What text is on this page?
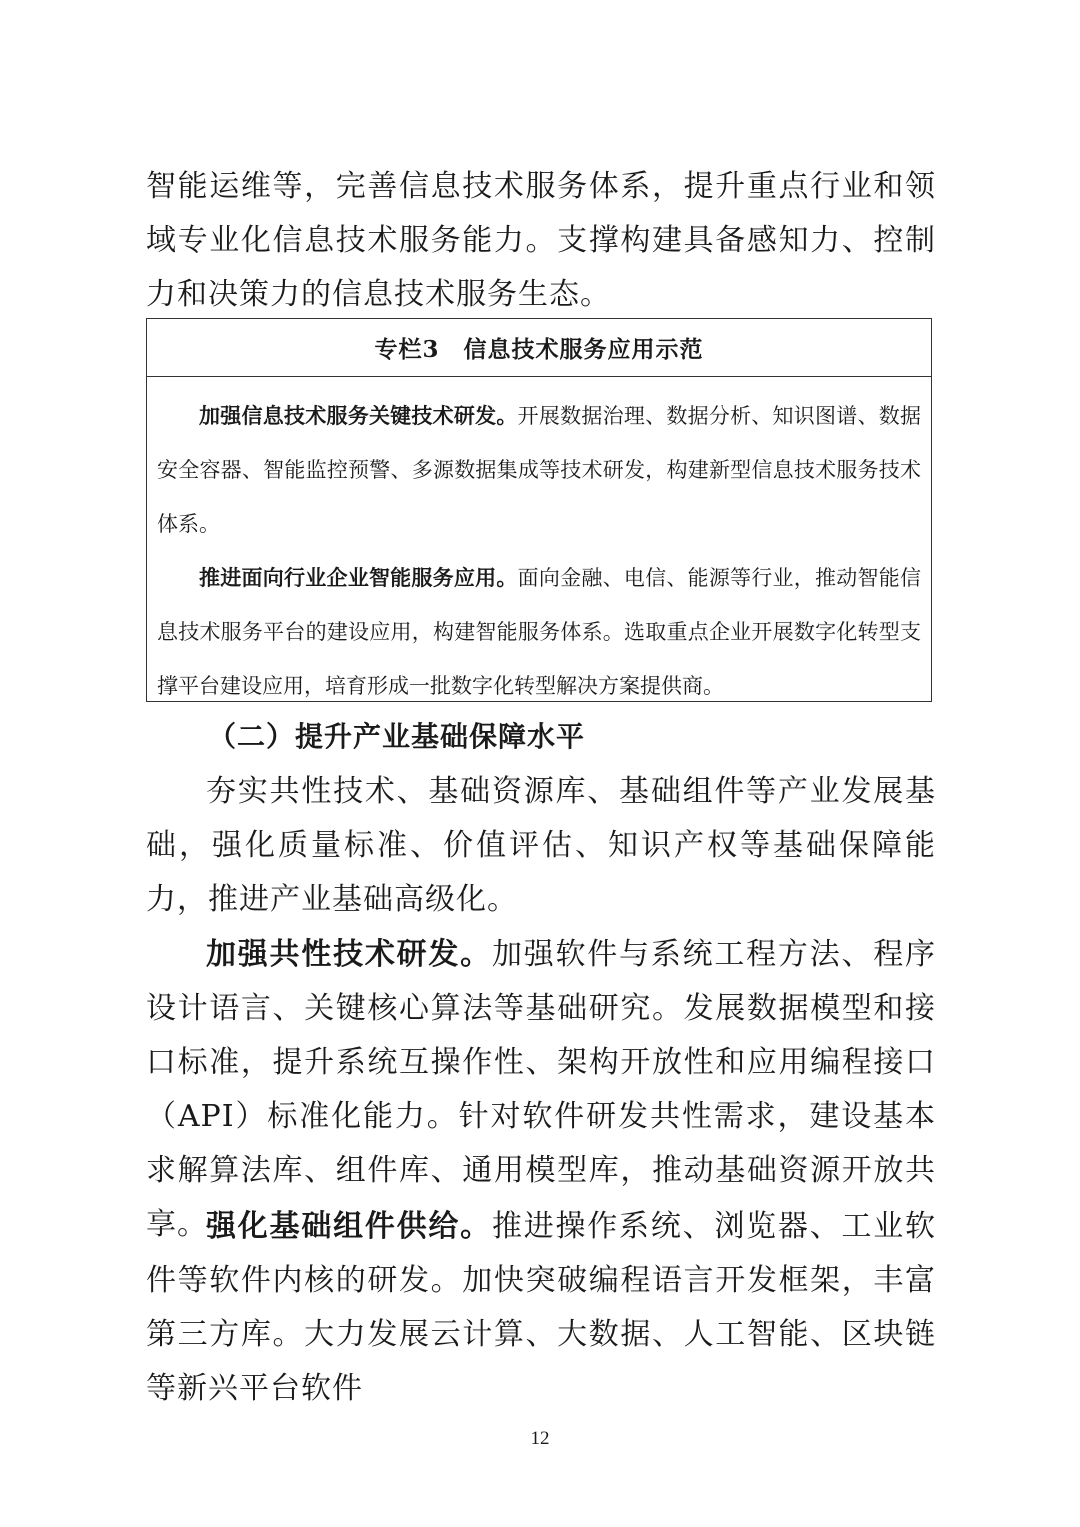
智能运维等，完善信息技术服务体系，提升重点行业和领域专业化信息技术服务能力。支撑构建具备感知力、控制力和决策力的信息技术服务生态。

专栏3　信息技术服务应用示范

加强信息技术服务关键技术研发。开展数据治理、数据分析、知识图谱、数据安全容器、智能监控预警、多源数据集成等技术研发，构建新型信息技术服务技术体系。

推进面向行业企业智能服务应用。面向金融、电信、能源等行业，推动智能信息技术服务平台的建设应用，构建智能服务体系。选取重点企业开展数字化转型支撑平台建设应用，培育形成一批数字化转型解决方案提供商。

（二）提升产业基础保障水平

夯实共性技术、基础资源库、基础组件等产业发展基础，强化质量标准、价值评估、知识产权等基础保障能力，推进产业基础高级化。

加强共性技术研发。加强软件与系统工程方法、程序设计语言、关键核心算法等基础研究。发展数据模型和接口标准，提升系统互操作性、架构开放性和应用编程接口（API）标准化能力。针对软件研发共性需求，建设基本求解算法库、组件库、通用模型库，推动基础资源开放共享。

强化基础组件供给。推进操作系统、浏览器、工业软件等软件内核的研发。加快突破编程语言开发框架，丰富第三方库。大力发展云计算、大数据、人工智能、区块链等新兴平台软件

12
